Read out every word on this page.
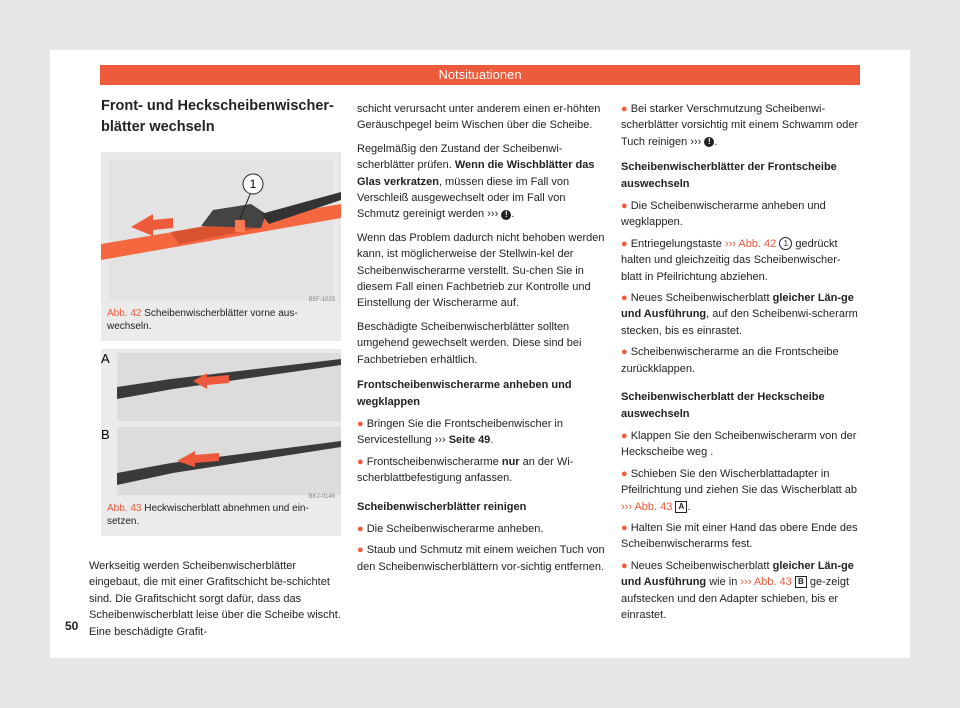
Notsituationen
Front- und Heckscheibenwischer-blätter wechseln
1
B5F-1023
Abb. 42 Scheibenwischerblätter vorne aus-wechseln.
A
B
BKJ-0146
Abb. 43 Heckwischerblatt abnehmen und ein-setzen.
Werkseitig werden Scheibenwischerblätter eingebaut, die mit einer Grafitschicht be-schichtet sind. Die Grafitschicht sorgt dafür, dass das Scheibenwischerblatt leise über die Scheibe wischt. Eine beschädigte Grafit-

schicht verursacht unter anderem einen er-höhten Geräuschpegel beim Wischen über die Scheibe.

Regelmäßig den Zustand der Scheibenwi-scherblätter prüfen. Wenn die Wischblätter das Glas verkratzen, müssen diese im Fall von Verschleiß ausgewechselt oder im Fall von Schmutz gereinigt werden ››› ! .

Wenn das Problem dadurch nicht behoben werden kann, ist möglicherweise der Stellwin-kel der Scheibenwischerarme verstellt. Su-chen Sie in diesem Fall einen Fachbetrieb zur Kontrolle und Einstellung der Wischerarme auf.

Beschädigte Scheibenwischerblätter sollten umgehend gewechselt werden. Diese sind bei Fachbetrieben erhältlich.

Frontscheibenwischerarme anheben und wegklappen
● Bringen Sie die Frontscheibenwischer in Servicestellung ››› Seite 49.
● Frontscheibenwischerarme nur an der Wi-scherblattbefestigung anfassen.
Scheibenwischerblätter reinigen
● Die Scheibenwischerarme anheben.
● Staub und Schmutz mit einem weichen Tuch von den Scheibenwischerblättern vor-sichtig entfernen.
● Bei starker Verschmutzung Scheibenwi-scherblätter vorsichtig mit einem Schwamm oder Tuch reinigen ››› ! .
Scheibenwischerblätter der Frontscheibe auswechseln
● Die Scheibenwischerarme anheben und wegklappen.
● Entriegelungstaste ››› Abb. 42 1 gedrückt halten und gleichzeitig das Scheibenwischer-blatt in Pfeilrichtung abziehen.
● Neues Scheibenwischerblatt gleicher Län-ge und Ausführung, auf den Scheibenwi-scherarm stecken, bis es einrastet.
● Scheibenwischerarme an die Frontscheibe zurückklappen.
Scheibenwischerblatt der Heckscheibe auswechseln
● Klappen Sie den Scheibenwischerarm von der Heckscheibe weg .
● Schieben Sie den Wischerblattadapter in Pfeilrichtung und ziehen Sie das Wischerblatt ab ››› Abb. 43 A .
● Halten Sie mit einer Hand das obere Ende des Scheibenwischerarms fest.
● Neues Scheibenwischerblatt gleicher Län-ge und Ausführung wie in ››› Abb. 43 B ge-zeigt aufstecken und den Adapter schieben, bis er einrastet.
50
